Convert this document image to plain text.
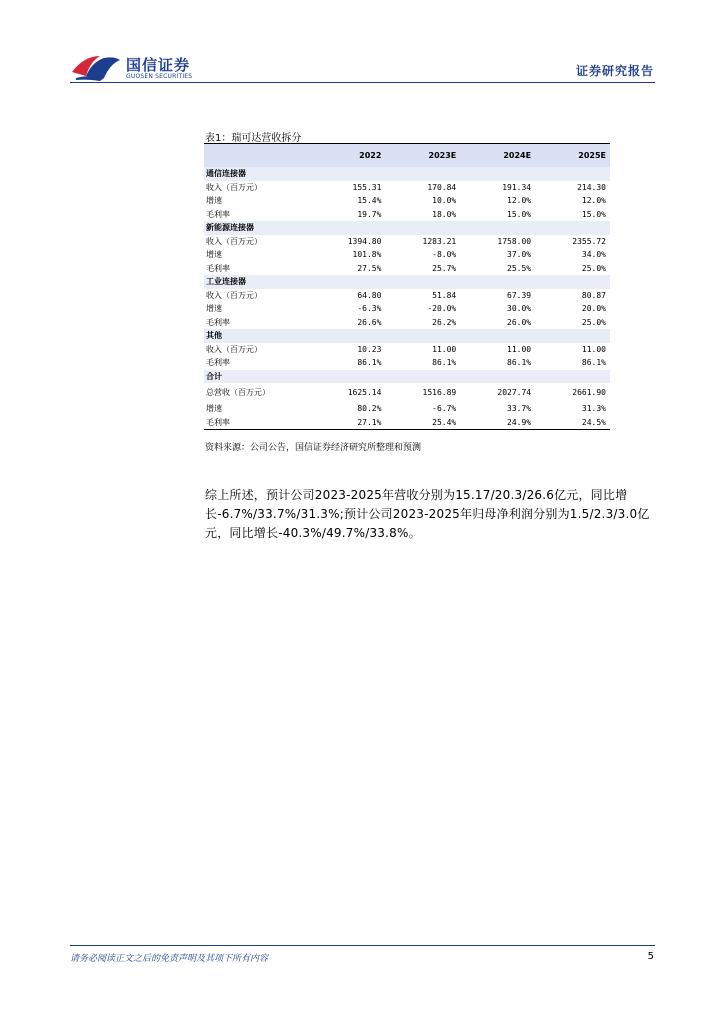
国信证券
GUOSEN SECURITIES	证券研究报告
表1：瑞可达营收拆分
	2022	2023E	2024E	2025E
通信连接器				
收入（百万元）	155.31	170.84	191.34	214.30
增速	15.4%	10.0%	12.0%	12.0%
毛利率	19.7%	18.0%	15.0%	15.0%
新能源连接器				
收入（百万元）	1394.80	1283.21	1758.00	2355.72
增速	101.8%	-8.0%	37.0%	34.0%
毛利率	27.5%	25.7%	25.5%	25.0%
工业连接器				
收入（百万元）	64.80	51.84	67.39	80.87
增速	-6.3%	-20.0%	30.0%	20.0%
毛利率	26.6%	26.2%	26.0%	25.0%
其他				
收入（百万元）	10.23	11.00	11.00	11.00
毛利率	86.1%	86.1%	86.1%	86.1%
合计				
总营收（百万元）	1625.14	1516.89	2027.74	2661.90
增速	80.2%	-6.7%	33.7%	31.3%
毛利率	27.1%	25.4%	24.9%	24.5%
资料来源：公司公告，国信证券经济研究所整理和预测
综上所述，预计公司2023-2025年营收分别为15.17/20.3/26.6亿元，同比增长-6.7%/33.7%/31.3%;预计公司2023-2025年归母净利润分别为1.5/2.3/3.0亿元，同比增长-40.3%/49.7%/33.8%。
请务必阅读正文之后的免责声明及其项下所有内容	5
